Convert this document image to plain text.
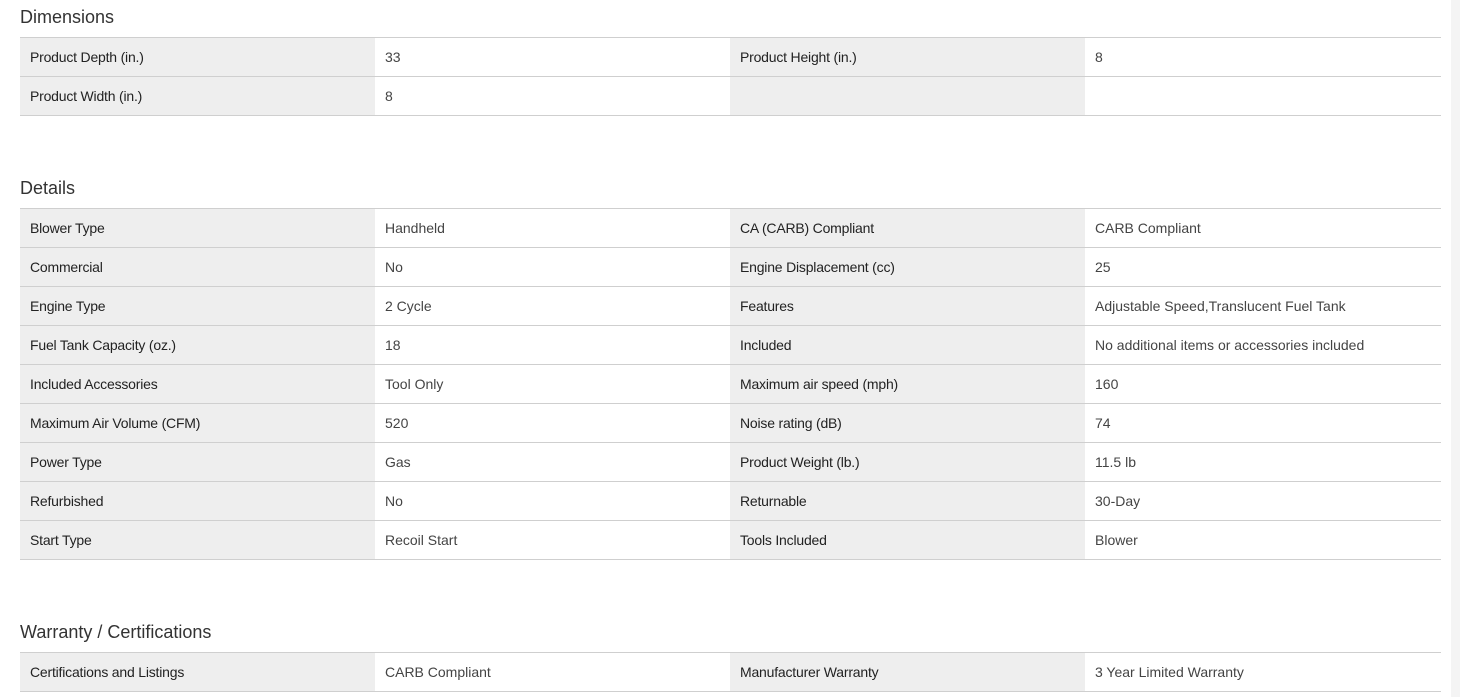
Dimensions
Product Depth (in.)	33	Product Height (in.)	8
Product Width (in.)	8
Details
Blower Type	Handheld	CA (CARB) Compliant	CARB Compliant
Commercial	No	Engine Displacement (cc)	25
Engine Type	2 Cycle	Features	Adjustable Speed,Translucent Fuel Tank
Fuel Tank Capacity (oz.)	18	Included	No additional items or accessories included
Included Accessories	Tool Only	Maximum air speed (mph)	160
Maximum Air Volume (CFM)	520	Noise rating (dB)	74
Power Type	Gas	Product Weight (lb.)	11.5 lb
Refurbished	No	Returnable	30-Day
Start Type	Recoil Start	Tools Included	Blower
Warranty / Certifications
Certifications and Listings	CARB Compliant	Manufacturer Warranty	3 Year Limited Warranty
